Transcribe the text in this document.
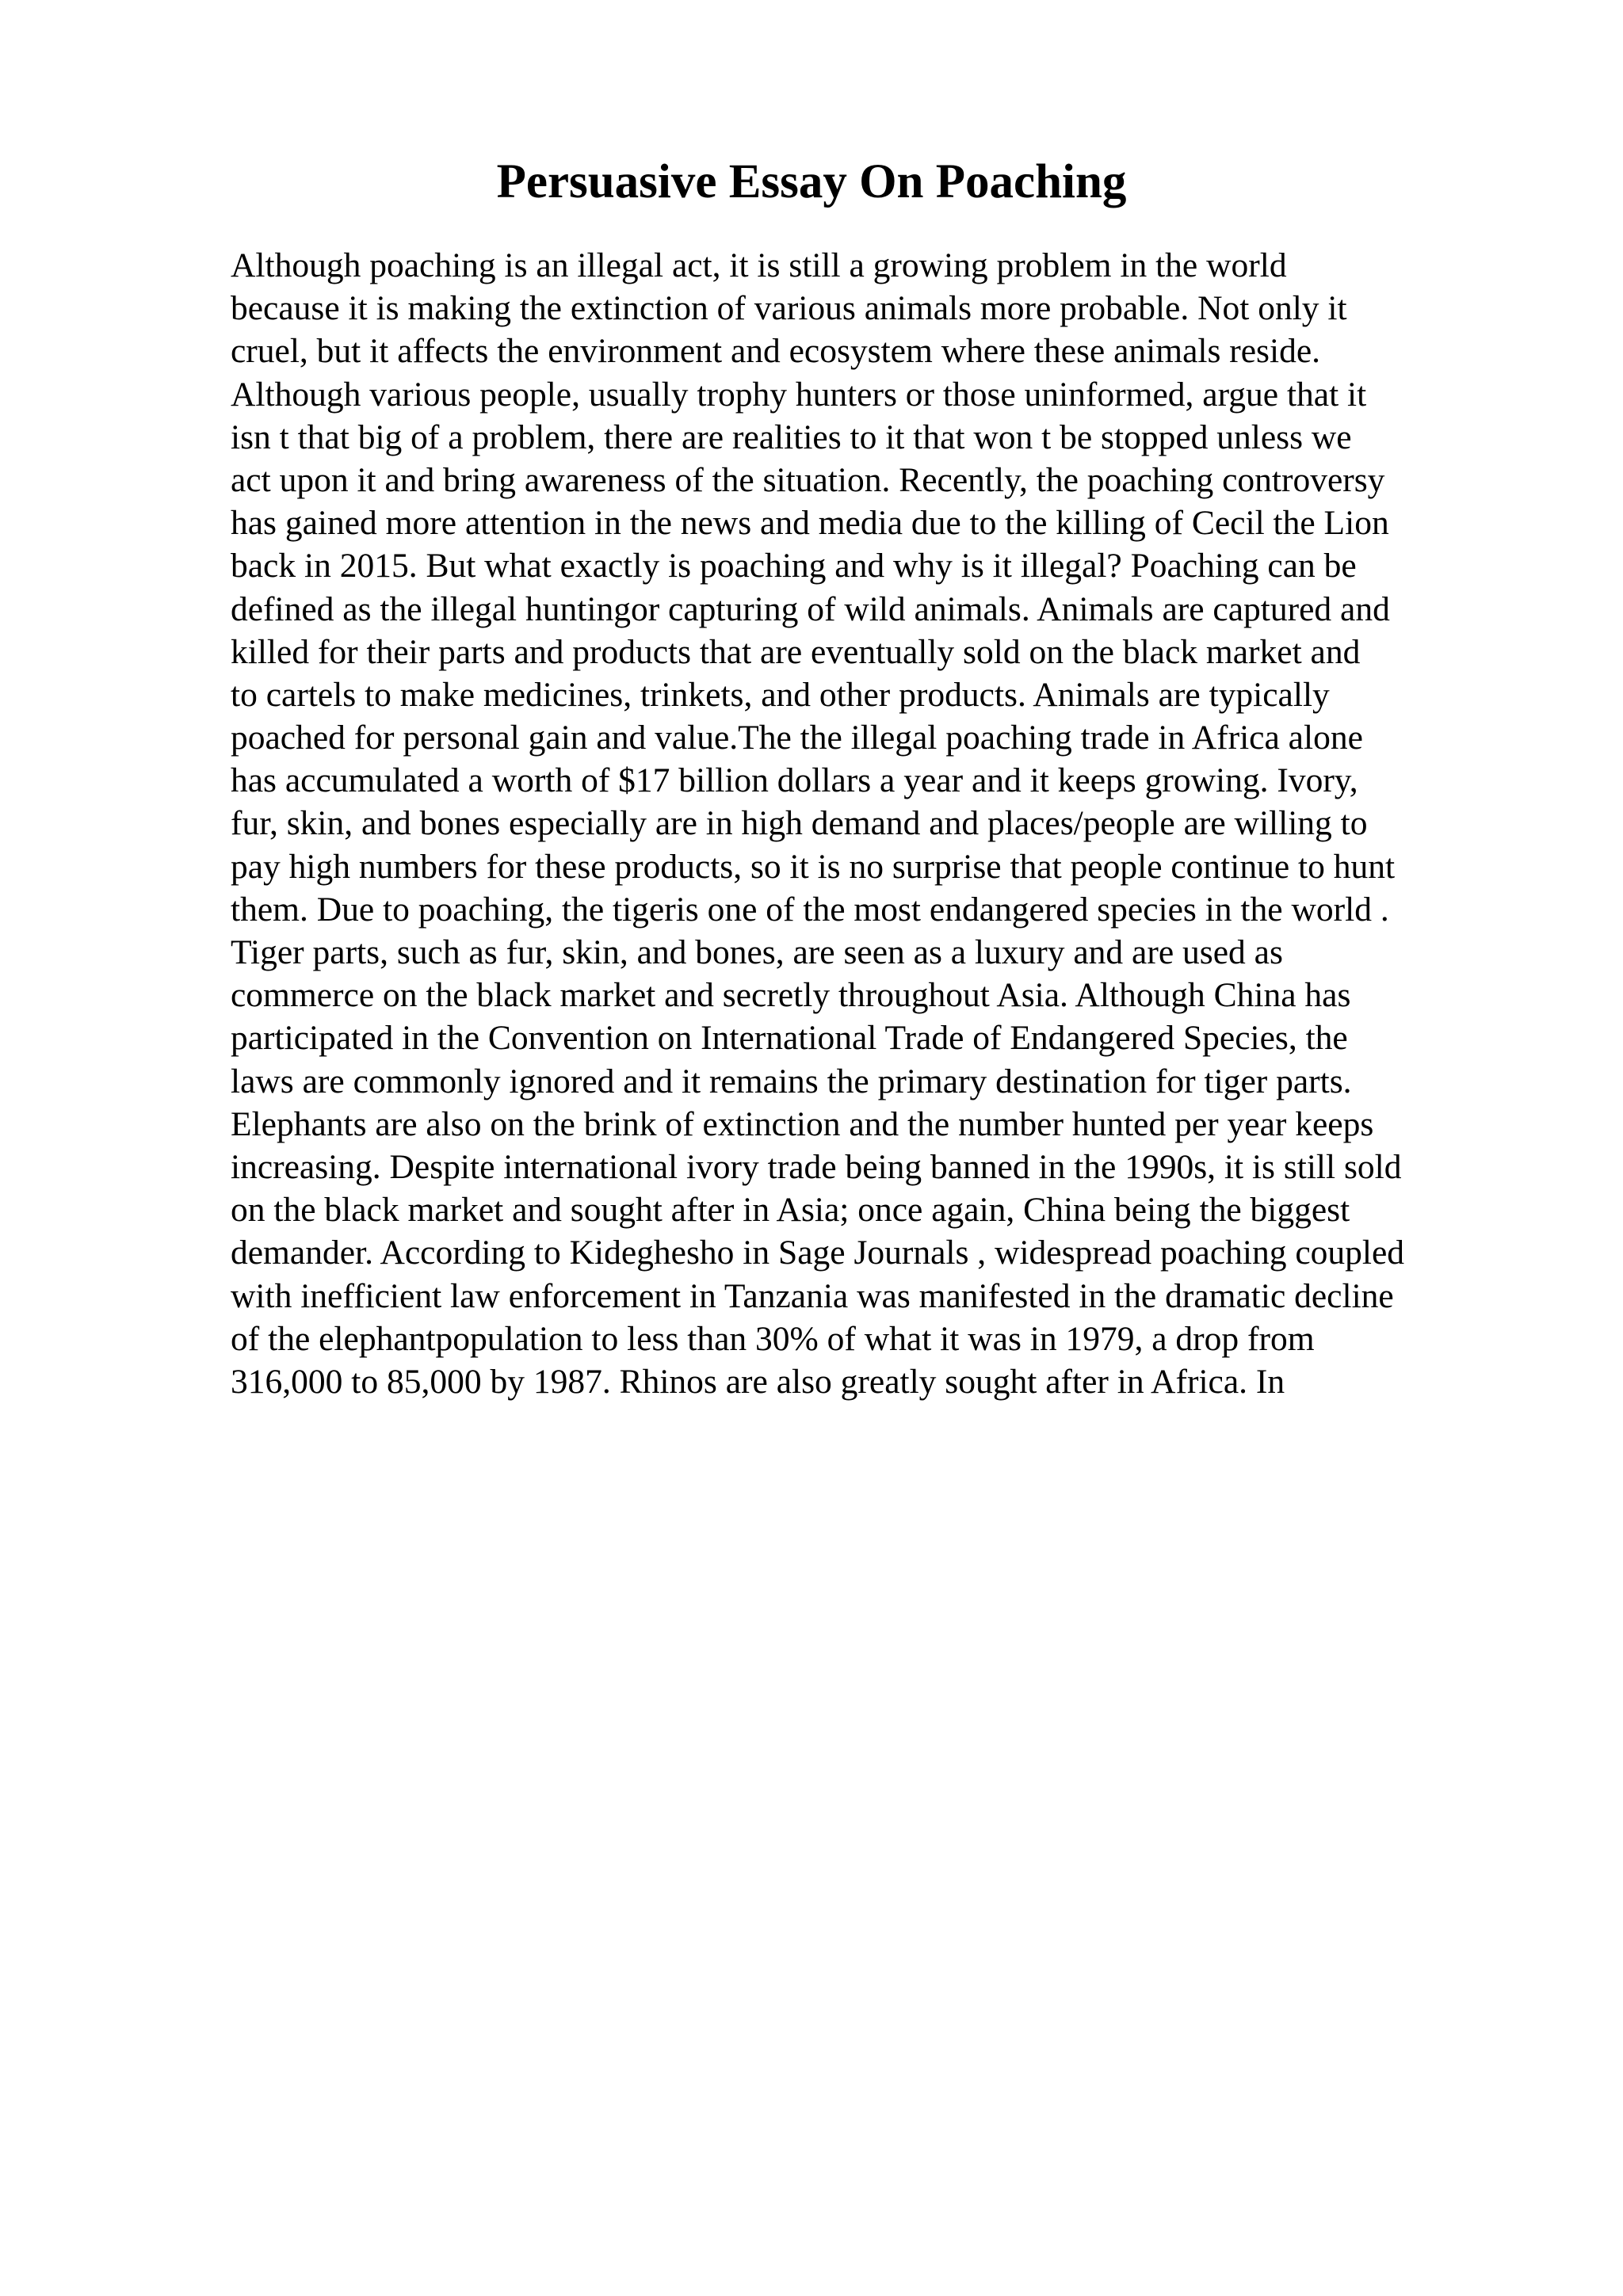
Persuasive Essay On Poaching
Although poaching is an illegal act, it is still a growing problem in the world
because it is making the extinction of various animals more probable. Not only it
cruel, but it affects the environment and ecosystem where these animals reside.
Although various people, usually trophy hunters or those uninformed, argue that it
isn t that big of a problem, there are realities to it that won t be stopped unless we
act upon it and bring awareness of the situation. Recently, the poaching controversy
has gained more attention in the news and media due to the killing of Cecil the Lion
back in 2015. But what exactly is poaching and why is it illegal? Poaching can be
defined as the illegal huntingor capturing of wild animals. Animals are captured and
killed for their parts and products that are eventually sold on the black market and
to cartels to make medicines, trinkets, and other products. Animals are typically
poached for personal gain and value.The the illegal poaching trade in Africa alone
has accumulated a worth of $17 billion dollars a year and it keeps growing. Ivory,
fur, skin, and bones especially are in high demand and places/people are willing to
pay high numbers for these products, so it is no surprise that people continue to hunt
them. Due to poaching, the tigeris one of the most endangered species in the world .
Tiger parts, such as fur, skin, and bones, are seen as a luxury and are used as
commerce on the black market and secretly throughout Asia. Although China has
participated in the Convention on International Trade of Endangered Species, the
laws are commonly ignored and it remains the primary destination for tiger parts.
Elephants are also on the brink of extinction and the number hunted per year keeps
increasing. Despite international ivory trade being banned in the 1990s, it is still sold
on the black market and sought after in Asia; once again, China being the biggest
demander. According to Kideghesho in Sage Journals , widespread poaching coupled
with inefficient law enforcement in Tanzania was manifested in the dramatic decline
of the elephantpopulation to less than 30% of what it was in 1979, a drop from
316,000 to 85,000 by 1987. Rhinos are also greatly sought after in Africa. In
